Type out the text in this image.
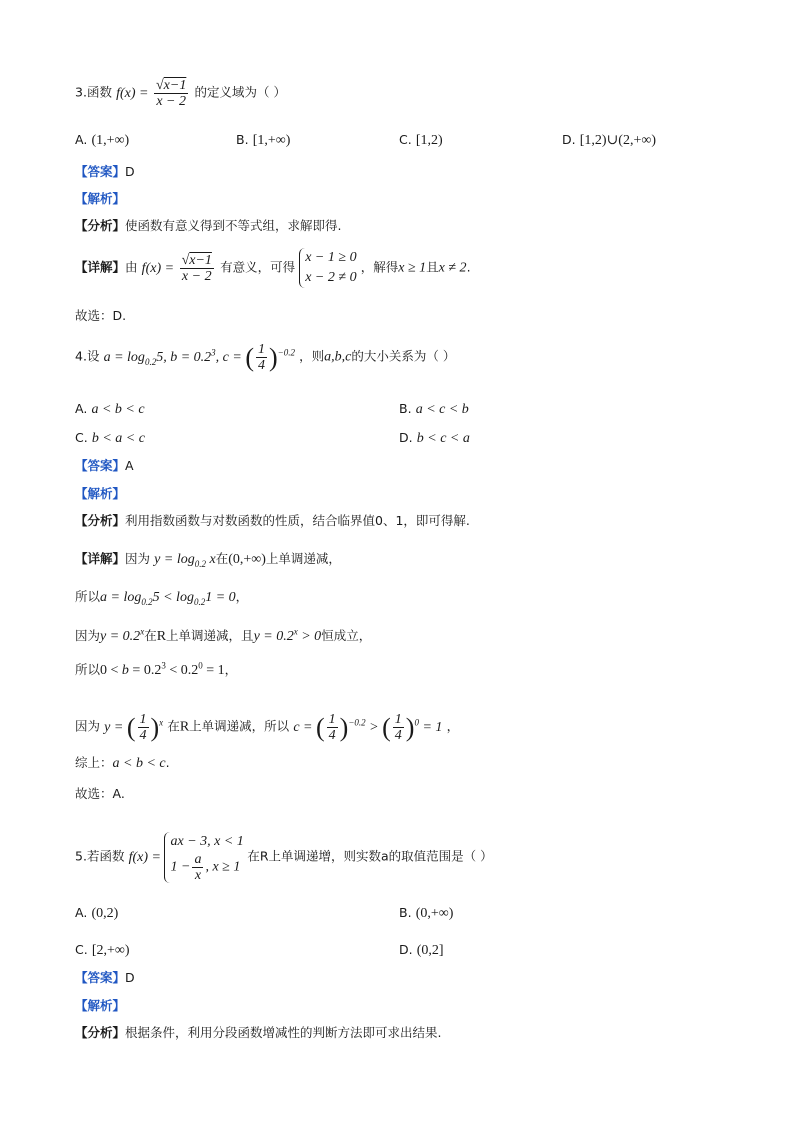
3.函数 $f(x) = \frac{√x-1}{x - 2}$ 的定义域为（ ）
A. (1,+∞)	B. [1,+∞)	C. [1,2)	D. [1,2)∪(2,+∞)
【答案】D
【解析】
【分析】使函数有意义得到不等式组，求解即得.
【详解】由 $f(x) = \frac{√x-1}{x - 2}$ 有意义，可得
x − 1 ≥ 0
x − 2 ≠ 0
，解得x ≥ 1且x ≠ 2.
故选：D.
4.设 $a = \log_{0.2}5$, $b = 0.2^3$, c = ( $\frac{1}{4} )^{-0.2}$ ，则a,b,c的大小关系为（ ）
A. a < b < c	B. a < c < b
C. b < a < c	D. b < c < a
【答案】A
【解析】
【分析】利用指数函数与对数函数的性质，结合临界值0、1，即可得解.
【详解】因为 $y = \log_{0.2} x$在(0,+∞)上单调递减，
所以$a = \log_{0.2}5 < \log_{0.2}1 = 0$，
因为$y = 0.2^x$在R上单调递减，且$y = 0.2^x > 0$恒成立，
所以$0 < b = 0.2^3 < 0.2^0 = 1$，
因为 y = ( $\frac{1}{4} )^x$ 在R上单调递减，所以 c = ( $\frac{1}{4} )^{-0.2}$ > ( $\frac{1}{4} )^0 = 1$ ，
综上：a < b < c.
故选：A.
5.若函数 f(x) =
ax − 3, x < 1
$1 - \frac{a}{x}$ , x ≥ 1
在R上单调递增，则实数a的取值范围是（ ）
A. (0,2)	B. (0,+∞)
C. [2,+∞)	D. (0,2]
【答案】D
【解析】
【分析】根据条件，利用分段函数增减性的判断方法即可求出结果.
